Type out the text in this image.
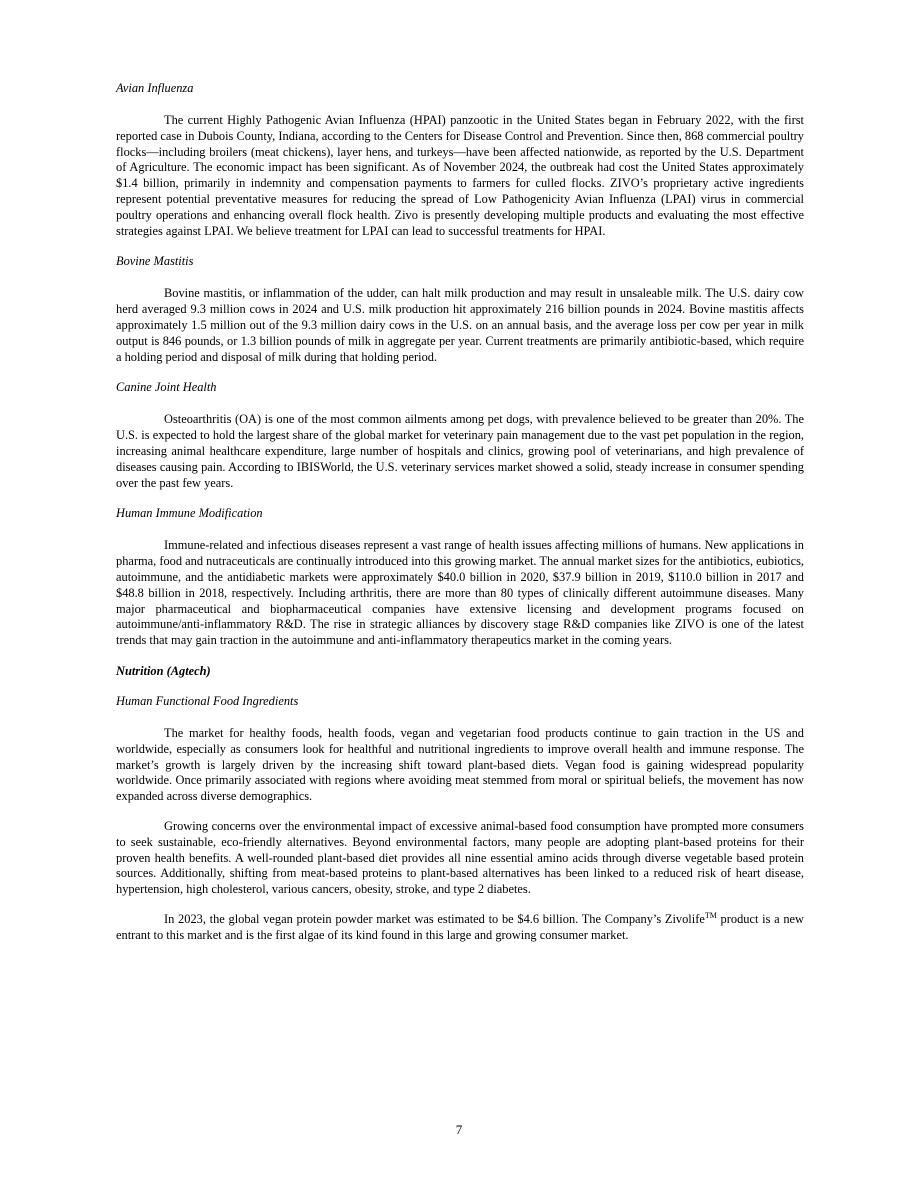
Avian Influenza

The current Highly Pathogenic Avian Influenza (HPAI) panzootic in the United States began in February 2022, with the first reported case in Dubois County, Indiana, according to the Centers for Disease Control and Prevention. Since then, 868 commercial poultry flocks—including broilers (meat chickens), layer hens, and turkeys—have been affected nationwide, as reported by the U.S. Department of Agriculture. The economic impact has been significant. As of November 2024, the outbreak had cost the United States approximately $1.4 billion, primarily in indemnity and compensation payments to farmers for culled flocks. ZIVO’s proprietary active ingredients represent potential preventative measures for reducing the spread of Low Pathogenicity Avian Influenza (LPAI) virus in commercial poultry operations and enhancing overall flock health. Zivo is presently developing multiple products and evaluating the most effective strategies against LPAI. We believe treatment for LPAI can lead to successful treatments for HPAI.

Bovine Mastitis

Bovine mastitis, or inflammation of the udder, can halt milk production and may result in unsaleable milk. The U.S. dairy cow herd averaged 9.3 million cows in 2024 and U.S. milk production hit approximately 216 billion pounds in 2024. Bovine mastitis affects approximately 1.5 million out of the 9.3 million dairy cows in the U.S. on an annual basis, and the average loss per cow per year in milk output is 846 pounds, or 1.3 billion pounds of milk in aggregate per year. Current treatments are primarily antibiotic-based, which require a holding period and disposal of milk during that holding period.

Canine Joint Health

Osteoarthritis (OA) is one of the most common ailments among pet dogs, with prevalence believed to be greater than 20%. The U.S. is expected to hold the largest share of the global market for veterinary pain management due to the vast pet population in the region, increasing animal healthcare expenditure, large number of hospitals and clinics, growing pool of veterinarians, and high prevalence of diseases causing pain. According to IBISWorld, the U.S. veterinary services market showed a solid, steady increase in consumer spending over the past few years.

Human Immune Modification

Immune-related and infectious diseases represent a vast range of health issues affecting millions of humans. New applications in pharma, food and nutraceuticals are continually introduced into this growing market. The annual market sizes for the antibiotics, eubiotics, autoimmune, and the antidiabetic markets were approximately $40.0 billion in 2020, $37.9 billion in 2019, $110.0 billion in 2017 and $48.8 billion in 2018, respectively. Including arthritis, there are more than 80 types of clinically different autoimmune diseases. Many major pharmaceutical and biopharmaceutical companies have extensive licensing and development programs focused on autoimmune/anti-inflammatory R&D. The rise in strategic alliances by discovery stage R&D companies like ZIVO is one of the latest trends that may gain traction in the autoimmune and anti-inflammatory therapeutics market in the coming years.

Nutrition (Agtech)

Human Functional Food Ingredients

The market for healthy foods, health foods, vegan and vegetarian food products continue to gain traction in the US and worldwide, especially as consumers look for healthful and nutritional ingredients to improve overall health and immune response. The market’s growth is largely driven by the increasing shift toward plant-based diets. Vegan food is gaining widespread popularity worldwide. Once primarily associated with regions where avoiding meat stemmed from moral or spiritual beliefs, the movement has now expanded across diverse demographics.

Growing concerns over the environmental impact of excessive animal-based food consumption have prompted more consumers to seek sustainable, eco-friendly alternatives. Beyond environmental factors, many people are adopting plant-based proteins for their proven health benefits. A well-rounded plant-based diet provides all nine essential amino acids through diverse vegetable based protein sources. Additionally, shifting from meat-based proteins to plant-based alternatives has been linked to a reduced risk of heart disease, hypertension, high cholesterol, various cancers, obesity, stroke, and type 2 diabetes.

In 2023, the global vegan protein powder market was estimated to be $4.6 billion. The Company’s Zivolife™ product is a new entrant to this market and is the first algae of its kind found in this large and growing consumer market.

7
